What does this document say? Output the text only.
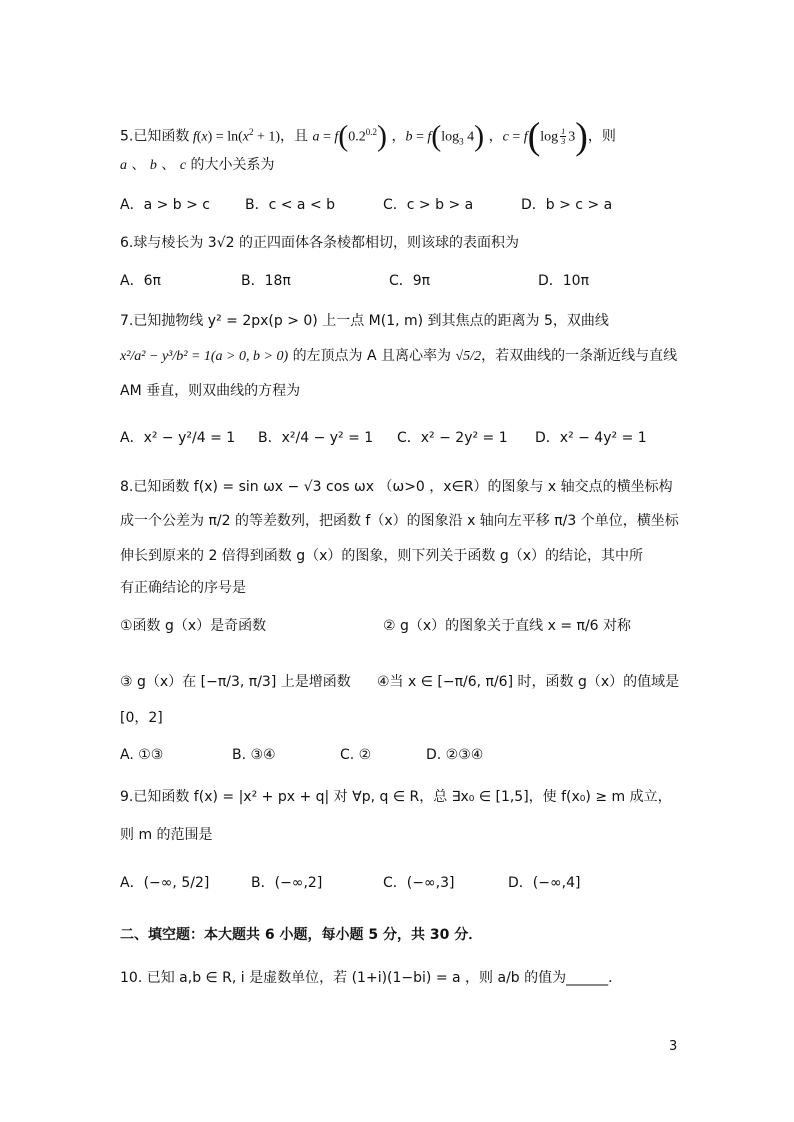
5.已知函数 $f(x) = \ln(x^2 + 1)$，且 $a = f(0.2^{0.2})$ ，$b = f(\log_3$ 4) ，$c = f(\log \frac{1}{3} 3)$，则
a 、 b 、 c 的大小关系为
A．a > b > c B．c < a < b	C．c > b > a	D．b > c > a
6.球与棱长为 3√2 的正四面体各条棱都相切，则该球的表面积为
A．6π	B．18π	C．9π	D．10π
7.已知抛物线 y² = 2px(p > 0) 上一点 M(1, m) 到其焦点的距离为 5，双曲线
x²/a² − y³/b² = 1(a > 0, b > 0) 的左顶点为 A 且离心率为 √5/2，若双曲线的一条渐近线与直线
AM 垂直，则双曲线的方程为
A．x² − y²/4 = 1 B．x²/4 − y² = 1 C．x² − 2y² = 1 D．x² − 4y² = 1
8.已知函数 f(x) = sin ωx − √3 cos ωx （ω>0 ，x∈R）的图象与 x 轴交点的横坐标构
成一个公差为 π/2 的等差数列，把函数 f（x）的图象沿 x 轴向左平移 π/3 个单位，横坐标
伸长到原来的 2 倍得到函数 g（x）的图象，则下列关于函数 g（x）的结论，其中所
有正确结论的序号是
①函数 g（x）是奇函数	② g（x）的图象关于直线 x = π/6 对称
③ g（x）在 [−π/3, π/3] 上是增函数 ④当 x ∈ [−π/6, π/6] 时，函数 g（x）的值域是
[0，2]
A. ①③	B. ③④	C. ②	D. ②③④
9.已知函数 f(x) = |x² + px + q| 对 ∀p, q ∈ R，总 ∃x₀ ∈ [1,5]，使 f(x₀) ≥ m 成立，
则 m 的范围是
A．(−∞, 5/2]	B．(−∞,2]	C．(−∞,3]	D．(−∞,4]
二、填空题：本大题共 6 小题，每小题 5 分，共 30 分．
10. 已知 a,b ∈ R, i 是虚数单位，若 (1+i)(1−bi) = a ，则 a/b 的值为______．
3
